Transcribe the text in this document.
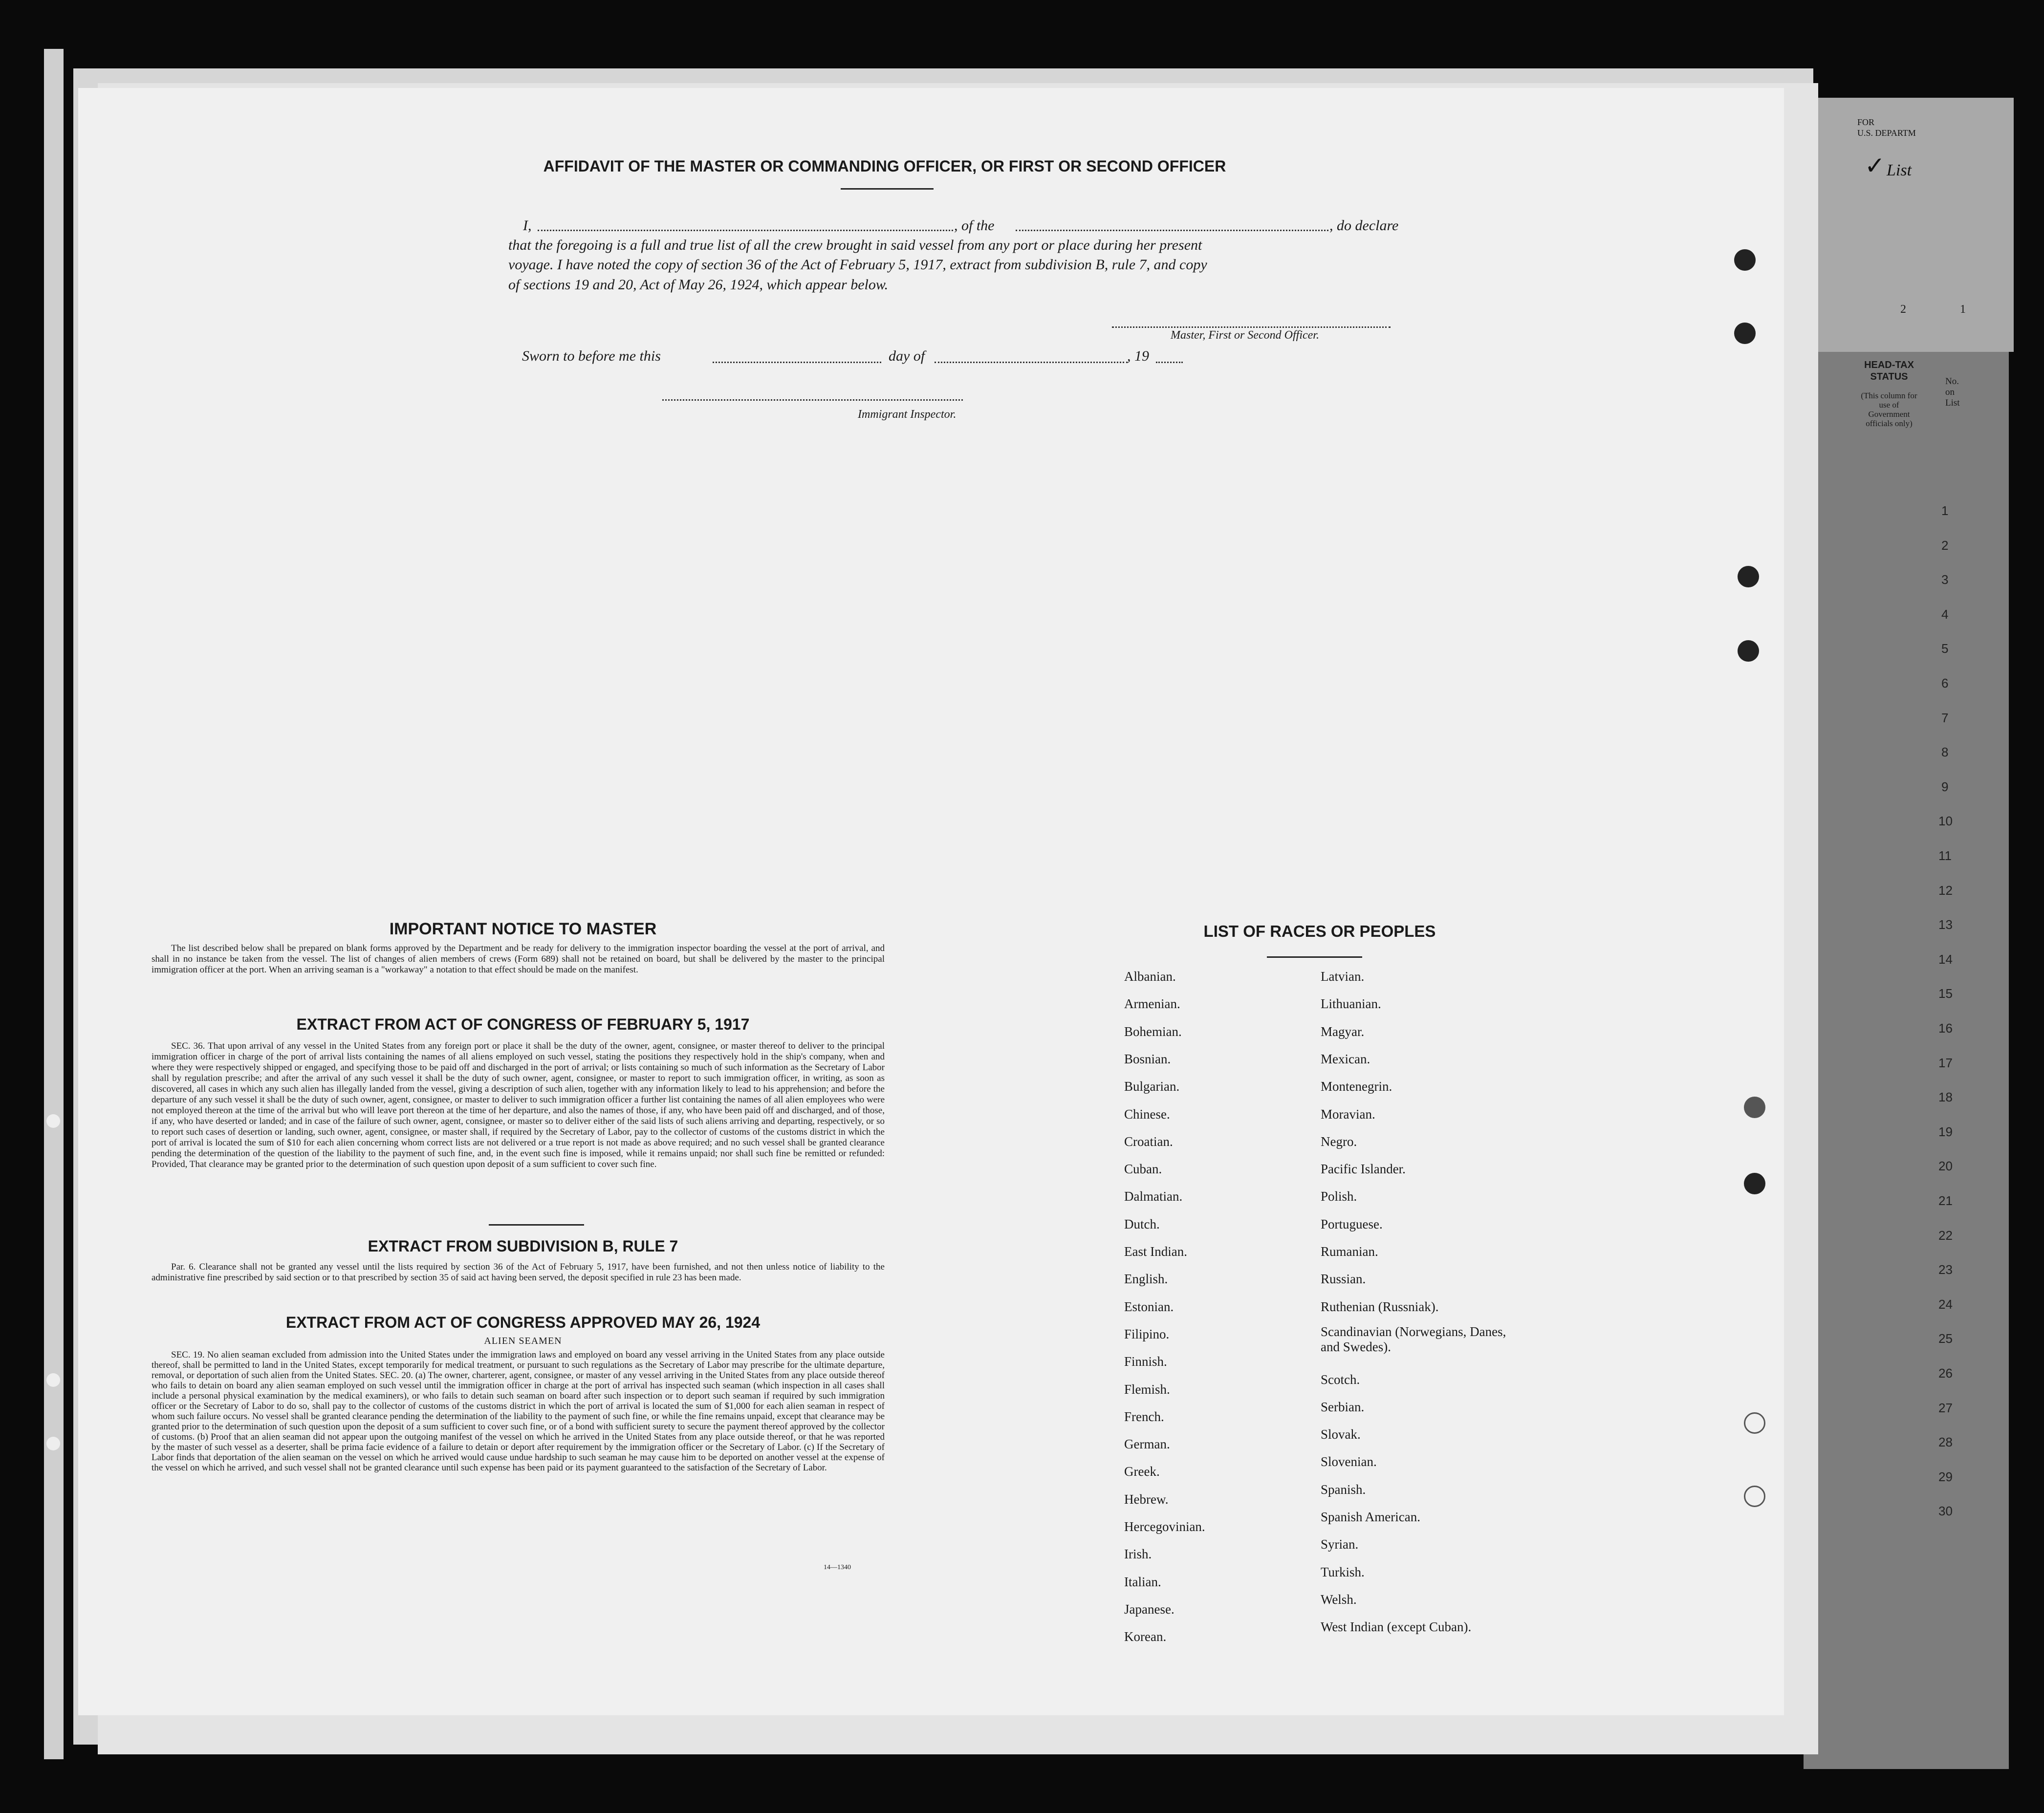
FOR
U.S. DEPARTM
List
✓
2	1
HEAD-TAX STATUS
(This column for use of Government officials only)
No. on List
1
2
3
4
5
6
7
8
9
10
11
12
13
14
15
16
17
18
19
20
21
22
23
24
25
26
27
28
29
30
AFFIDAVIT OF THE MASTER OR COMMANDING OFFICER, OR FIRST OR SECOND OFFICER
I,	, of the	, do declare
that the foregoing is a full and true list of all the crew brought in said vessel from any port or place during her present
voyage. I have noted the copy of section 36 of the Act of February 5, 1917, extract from subdivision B, rule 7, and copy
of sections 19 and 20, Act of May 26, 1924, which appear below.
Master, First or Second Officer.
Sworn to before me this	day of	, 19
Immigrant Inspector.
IMPORTANT NOTICE TO MASTER
The list described below shall be prepared on blank forms approved by the Department and be ready for delivery to the immigration inspector boarding the vessel at the port of arrival, and shall in no instance be taken from the vessel. The list of changes of alien members of crews (Form 689) shall not be retained on board, but shall be delivered by the master to the principal immigration officer at the port. When an arriving seaman is a "workaway" a notation to that effect should be made on the manifest.
EXTRACT FROM ACT OF CONGRESS OF FEBRUARY 5, 1917
SEC. 36. That upon arrival of any vessel in the United States from any foreign port or place it shall be the duty of the owner, agent, consignee, or master thereof to deliver to the principal immigration officer in charge of the port of arrival lists containing the names of all aliens employed on such vessel, stating the positions they respectively hold in the ship's company, when and where they were respectively shipped or engaged, and specifying those to be paid off and discharged in the port of arrival; or lists containing so much of such information as the Secretary of Labor shall by regulation prescribe; and after the arrival of any such vessel it shall be the duty of such owner, agent, consignee, or master to report to such immigration officer, in writing, as soon as discovered, all cases in which any such alien has illegally landed from the vessel, giving a description of such alien, together with any information likely to lead to his apprehension; and before the departure of any such vessel it shall be the duty of such owner, agent, consignee, or master to deliver to such immigration officer a further list containing the names of all alien employees who were not employed thereon at the time of the arrival but who will leave port thereon at the time of her departure, and also the names of those, if any, who have been paid off and discharged, and of those, if any, who have deserted or landed; and in case of the failure of such owner, agent, consignee, or master so to deliver either of the said lists of such aliens arriving and departing, respectively, or so to report such cases of desertion or landing, such owner, agent, consignee, or master shall, if required by the Secretary of Labor, pay to the collector of customs of the customs district in which the port of arrival is located the sum of $10 for each alien concerning whom correct lists are not delivered or a true report is not made as above required; and no such vessel shall be granted clearance pending the determination of the question of the liability to the payment of such fine, and, in the event such fine is imposed, while it remains unpaid; nor shall such fine be remitted or refunded: Provided, That clearance may be granted prior to the determination of such question upon deposit of a sum sufficient to cover such fine.
EXTRACT FROM SUBDIVISION B, RULE 7
Par. 6. Clearance shall not be granted any vessel until the lists required by section 36 of the Act of February 5, 1917, have been furnished, and not then unless notice of liability to the administrative fine prescribed by said section or to that prescribed by section 35 of said act having been served, the deposit specified in rule 23 has been made.
EXTRACT FROM ACT OF CONGRESS APPROVED MAY 26, 1924
ALIEN SEAMEN
SEC. 19. No alien seaman excluded from admission into the United States under the immigration laws and employed on board any vessel arriving in the United States from any place outside thereof, shall be permitted to land in the United States, except temporarily for medical treatment, or pursuant to such regulations as the Secretary of Labor may prescribe for the ultimate departure, removal, or deportation of such alien from the United States. SEC. 20. (a) The owner, charterer, agent, consignee, or master of any vessel arriving in the United States from any place outside thereof who fails to detain on board any alien seaman employed on such vessel until the immigration officer in charge at the port of arrival has inspected such seaman (which inspection in all cases shall include a personal physical examination by the medical examiners), or who fails to detain such seaman on board after such inspection or to deport such seaman if required by such immigration officer or the Secretary of Labor to do so, shall pay to the collector of customs of the customs district in which the port of arrival is located the sum of $1,000 for each alien seaman in respect of whom such failure occurs. No vessel shall be granted clearance pending the determination of the liability to the payment of such fine, or while the fine remains unpaid, except that clearance may be granted prior to the determination of such question upon the deposit of a sum sufficient to cover such fine, or of a bond with sufficient surety to secure the payment thereof approved by the collector of customs. (b) Proof that an alien seaman did not appear upon the outgoing manifest of the vessel on which he arrived in the United States from any place outside thereof, or that he was reported by the master of such vessel as a deserter, shall be prima facie evidence of a failure to detain or deport after requirement by the immigration officer or the Secretary of Labor. (c) If the Secretary of Labor finds that deportation of the alien seaman on the vessel on which he arrived would cause undue hardship to such seaman he may cause him to be deported on another vessel at the expense of the vessel on which he arrived, and such vessel shall not be granted clearance until such expense has been paid or its payment guaranteed to the satisfaction of the Secretary of Labor.
14—1340
LIST OF RACES OR PEOPLES
Albanian.
Armenian.
Bohemian.
Bosnian.
Bulgarian.
Chinese.
Croatian.
Cuban.
Dalmatian.
Dutch.
East Indian.
English.
Estonian.
Filipino.
Finnish.
Flemish.
French.
German.
Greek.
Hebrew.
Hercegovinian.
Irish.
Italian.
Japanese.
Korean.
Latvian.
Lithuanian.
Magyar.
Mexican.
Montenegrin.
Moravian.
Negro.
Pacific Islander.
Polish.
Portuguese.
Rumanian.
Russian.
Ruthenian (Russniak).
Scandinavian (Norwegians, Danes, and Swedes).
Scotch.
Serbian.
Slovak.
Slovenian.
Spanish.
Spanish American.
Syrian.
Turkish.
Welsh.
West Indian (except Cuban).
